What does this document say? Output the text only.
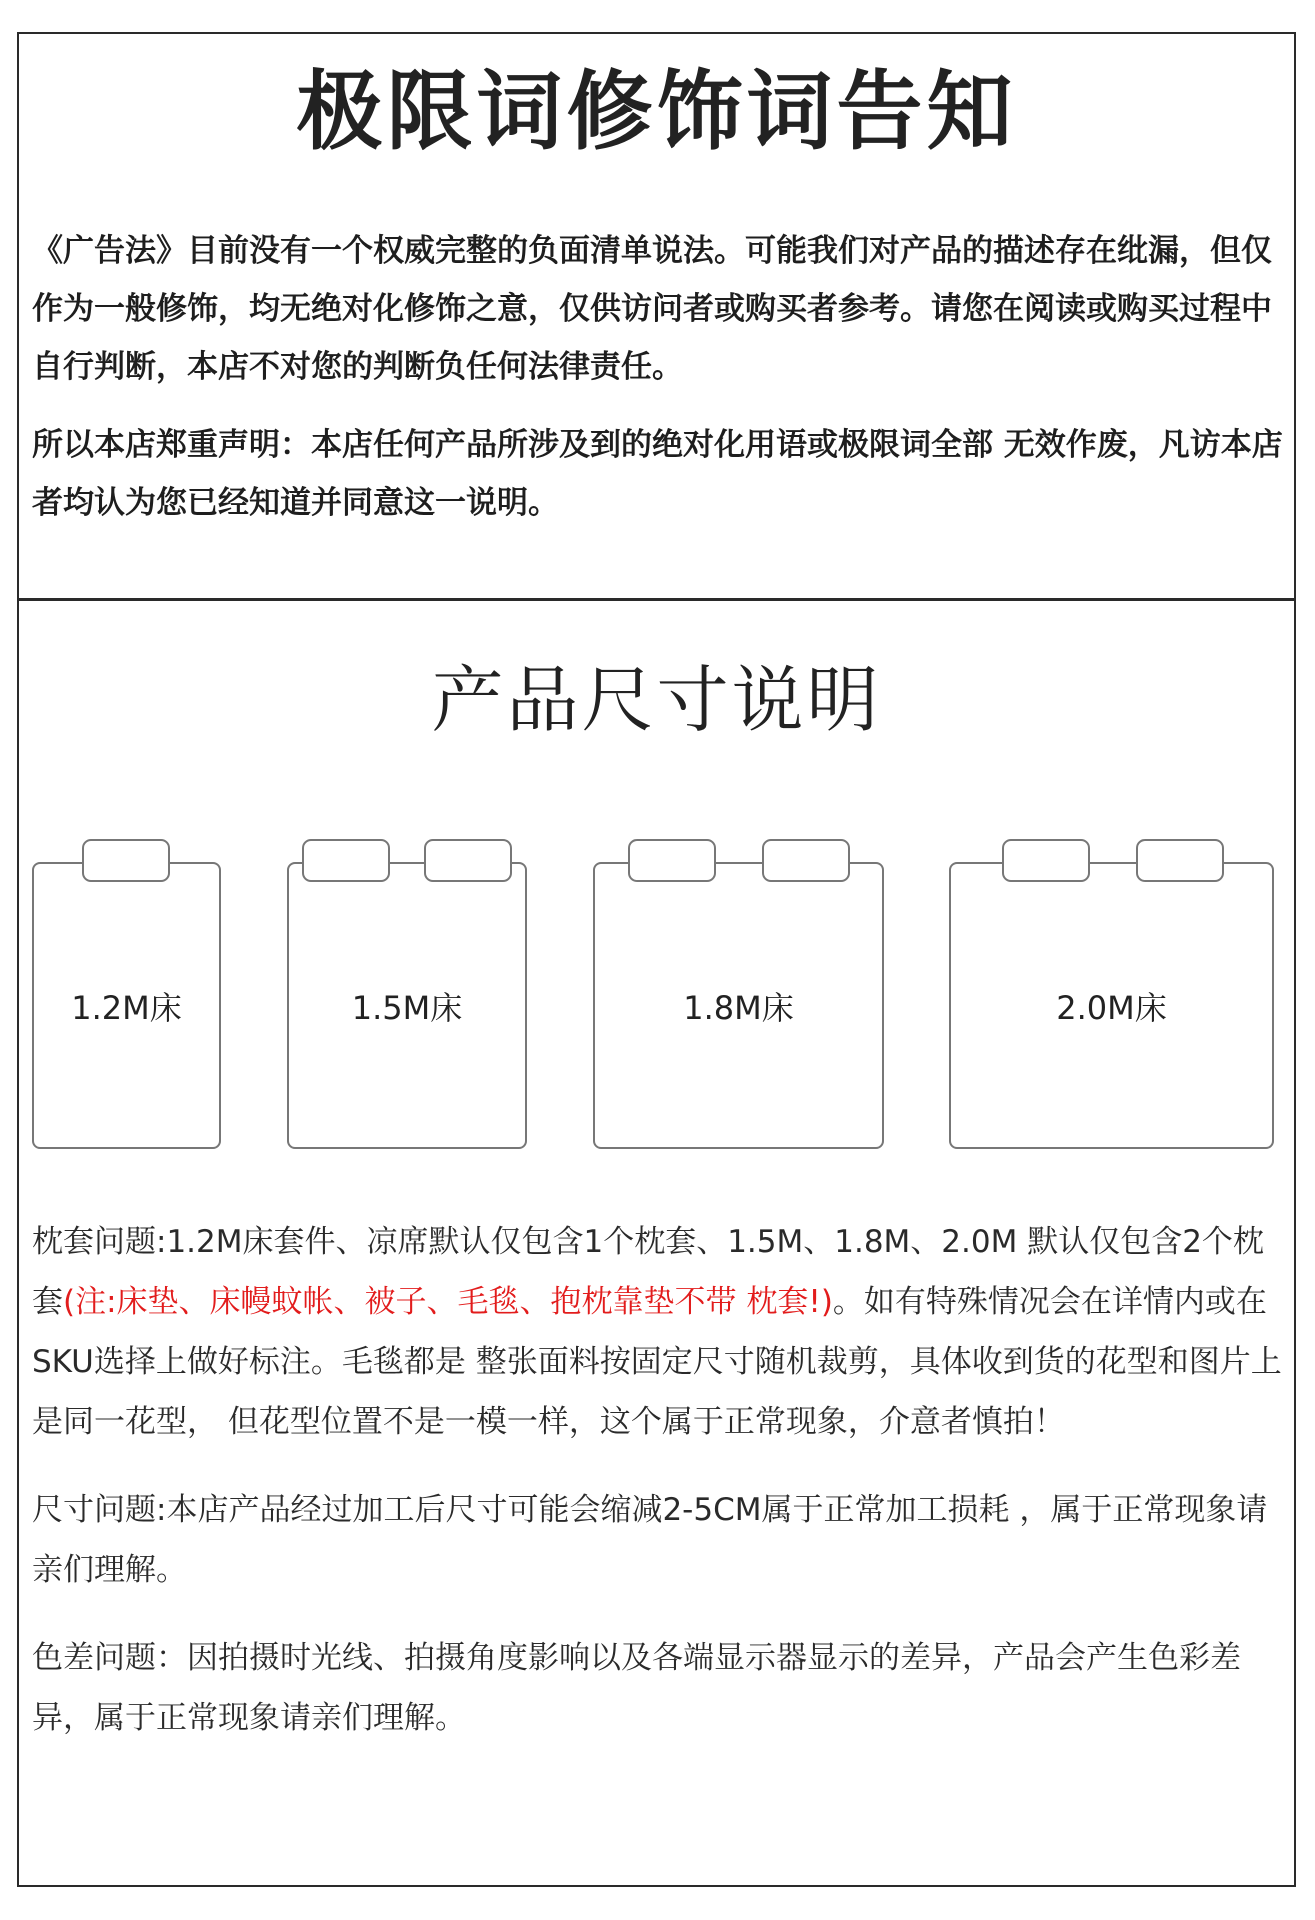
极限词修饰词告知

《广告法》目前没有一个权威完整的负面清单说法。可能我们对产品的描述存在纰漏，但仅作为一般修饰，均无绝对化修饰之意，仅供访问者或购买者参考。请您在阅读或购买过程中自行判断，本店不对您的判断负任何法律责任。

所以本店郑重声明：本店任何产品所涉及到的绝对化用语或极限词全部 无效作废，凡访本店者均认为您已经知道并同意这一说明。

产品尺寸说明
1.2M床	1.5M床	1.8M床	2.0M床

枕套问题:1.2M床套件、凉席默认仅包含1个枕套、1.5M、1.8M、2.0M 默认仅包含2个枕套(注:床垫、床幔蚊帐、被子、毛毯、抱枕靠垫不带 枕套!)。如有特殊情况会在详情内或在SKU选择上做好标注。毛毯都是 整张面料按固定尺寸随机裁剪，具体收到货的花型和图片上是同一花型， 但花型位置不是一模一样，这个属于正常现象，介意者慎拍！

尺寸问题:本店产品经过加工后尺寸可能会缩减2-5CM属于正常加工损耗 ，属于正常现象请亲们理解。

色差问题：因拍摄时光线、拍摄角度影响以及各端显示器显示的差异，产品会产生色彩差异，属于正常现象请亲们理解。
